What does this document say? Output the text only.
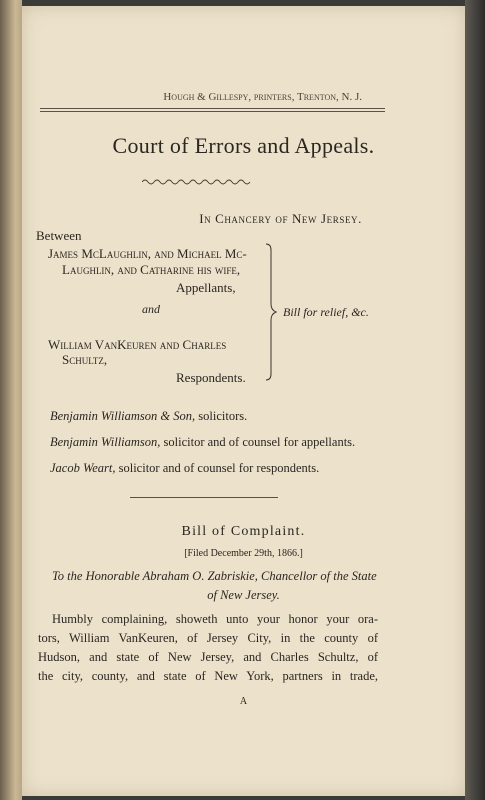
Hough & Gillespy, printers, Trenton, N. J.
Court of Errors and Appeals.
In Chancery of New Jersey.
Between
James McLaughlin, and Michael Mc-
Laughlin, and Catharine his wife,
Appellants,
and
William VanKeuren and Charles
Schultz,
Respondents.
Bill for relief, &c.
Benjamin Williamson & Son, solicitors.
Benjamin Williamson, solicitor and of counsel for appellants.
Jacob Weart, solicitor and of counsel for respondents.
Bill of Complaint.
[Filed December 29th, 1866.]
To the Honorable Abraham O. Zabriskie, Chancellor of the State
of New Jersey.
Humbly complaining, showeth unto your honor your ora-
tors, William VanKeuren, of Jersey City, in the county of
Hudson, and state of New Jersey, and Charles Schultz, of
the city, county, and state of New York, partners in trade,
A
